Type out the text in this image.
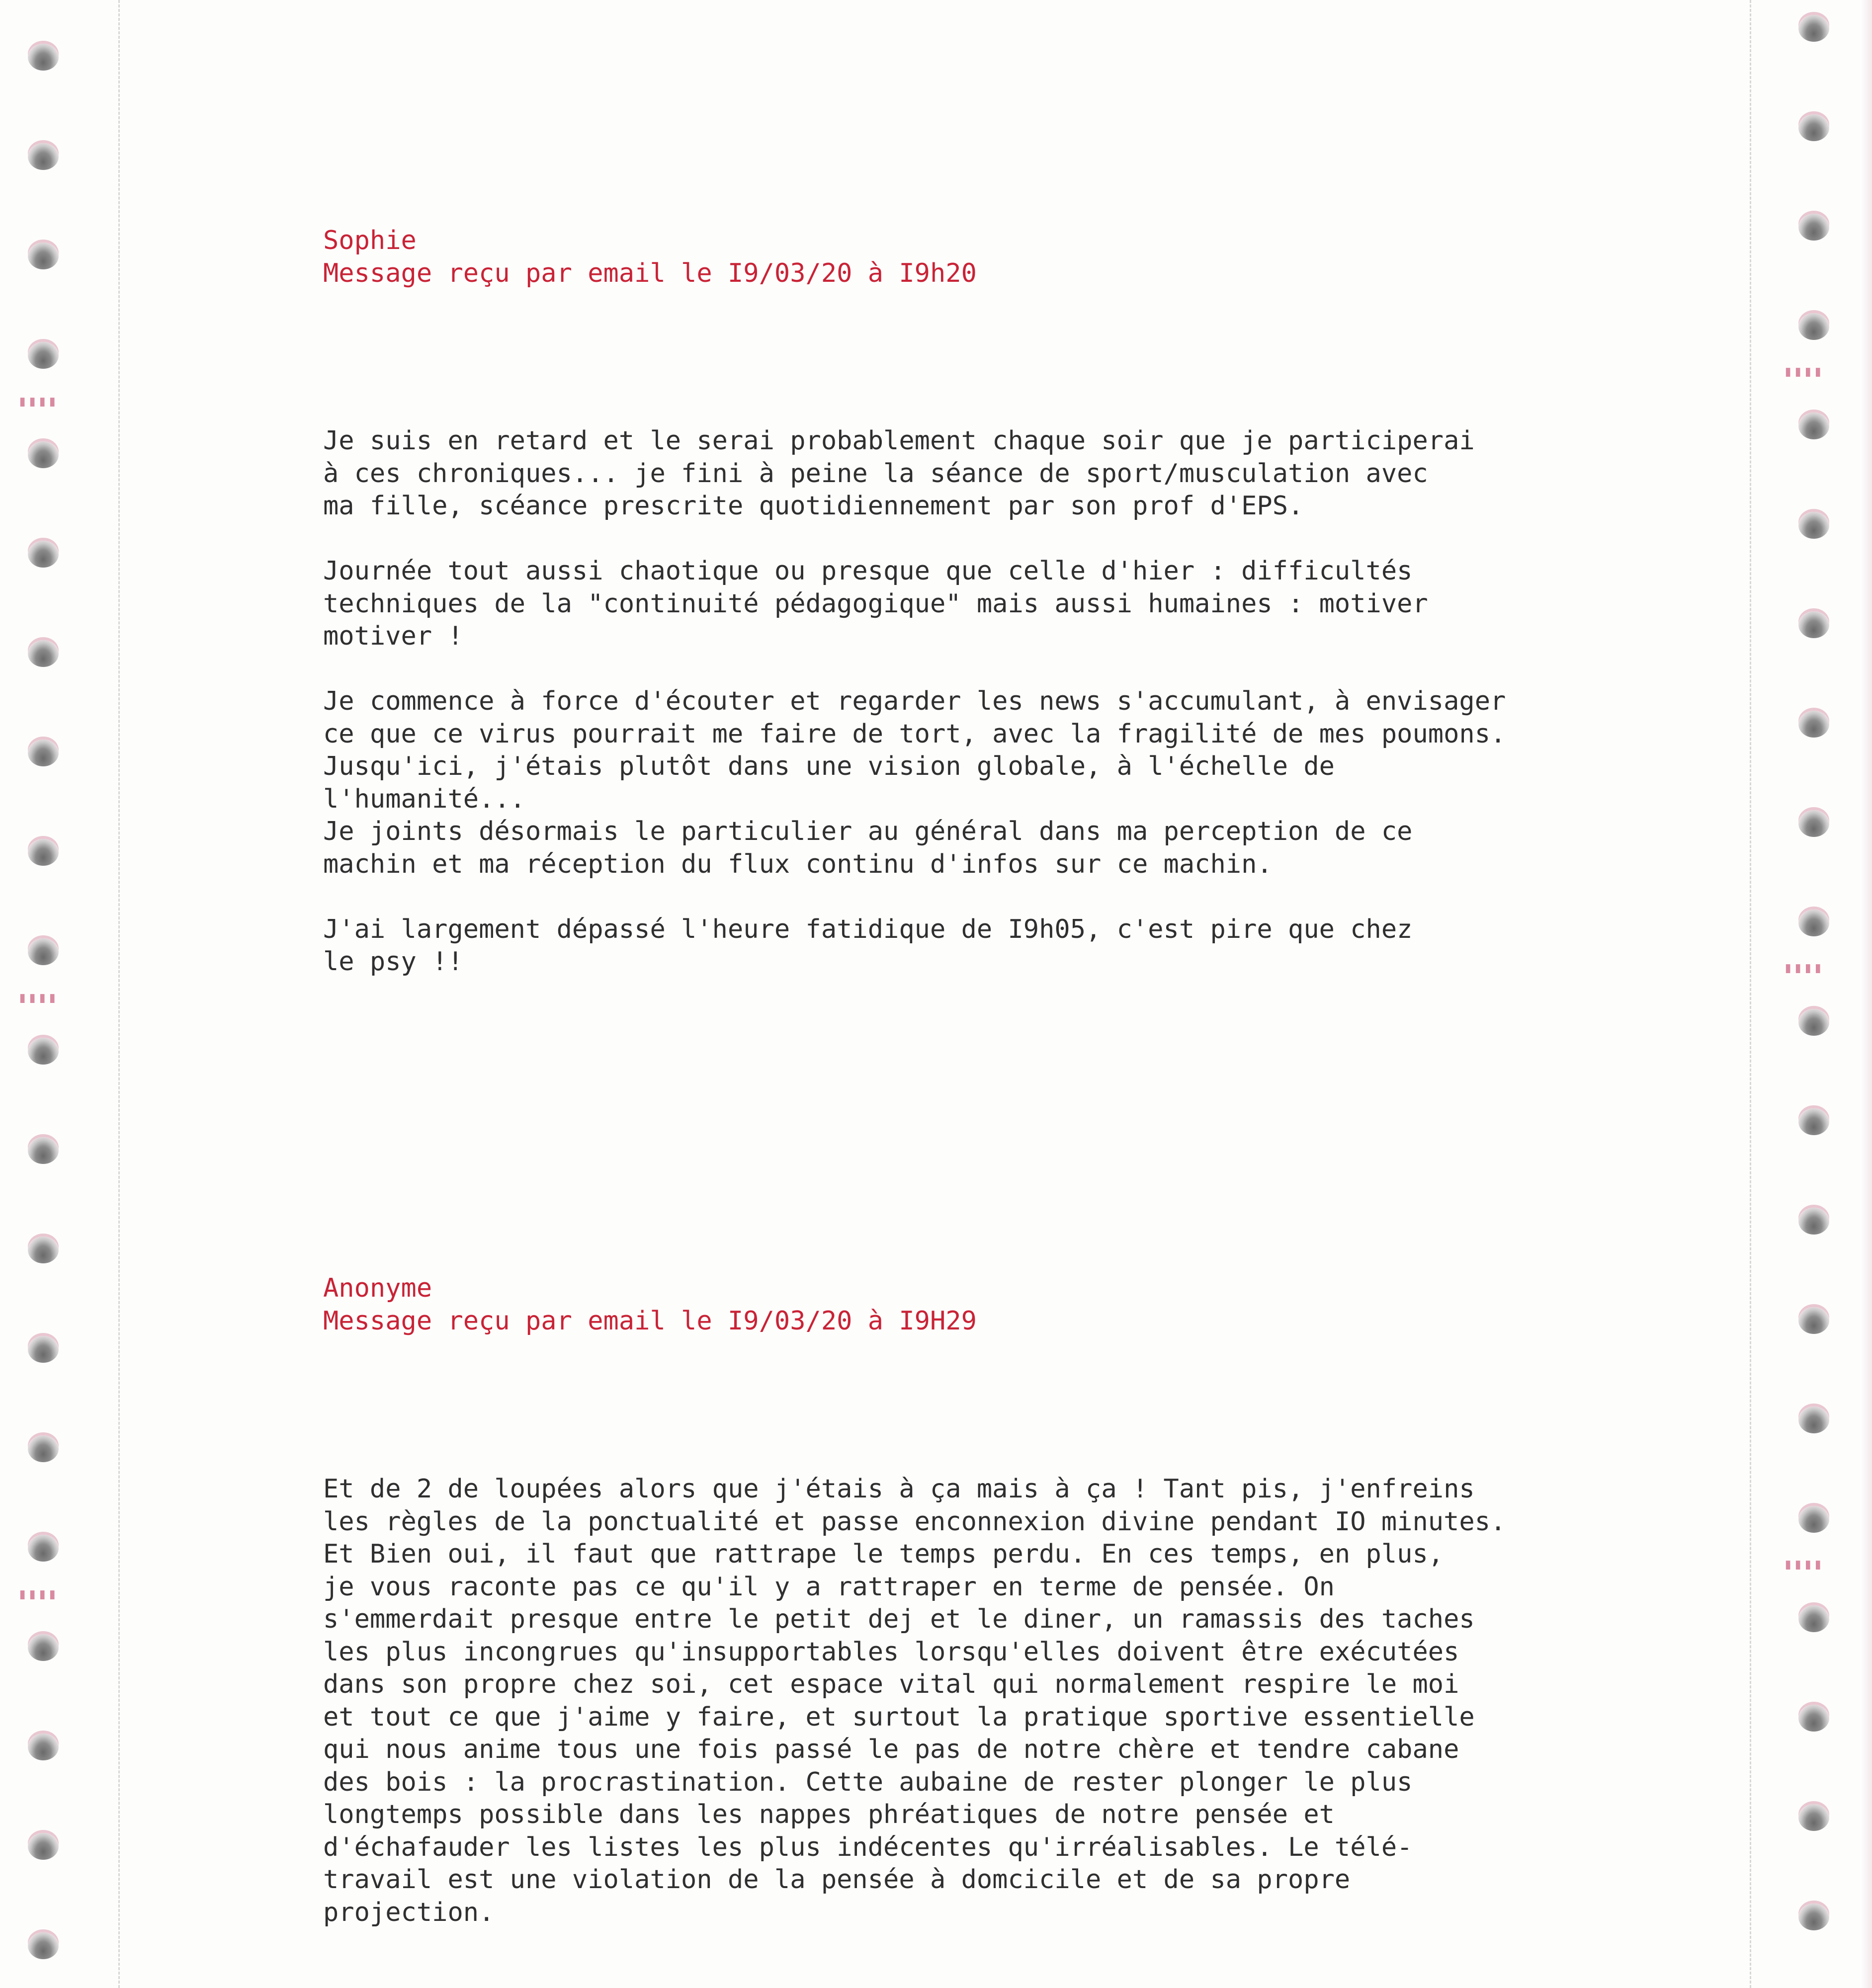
▮▮▮▮
▮▮▮▮
▮▮▮▮
▮▮▮▮
▮▮▮▮
▮▮▮▮
Sophie
Message reçu par email le I9/03/20 à I9h20
Je suis en retard et le serai probablement chaque soir que je participerai
à ces chroniques... je fini à peine la séance de sport/musculation avec
ma fille, scéance prescrite quotidiennement par son prof d'EPS.
Journée tout aussi chaotique ou presque que celle d'hier : difficultés
techniques de la "continuité pédagogique" mais aussi humaines : motiver
motiver !
Je commence à force d'écouter et regarder les news s'accumulant, à envisager
ce que ce virus pourrait me faire de tort, avec la fragilité de mes poumons.
Jusqu'ici, j'étais plutôt dans une vision globale, à l'échelle de
l'humanité...
Je joints désormais le particulier au général dans ma perception de ce
machin et ma réception du flux continu d'infos sur ce machin.
J'ai largement dépassé l'heure fatidique de I9h05, c'est pire que chez
le psy !!
Anonyme
Message reçu par email le I9/03/20 à I9H29
Et de 2 de loupées alors que j'étais à ça mais à ça ! Tant pis, j'enfreins
les règles de la ponctualité et passe enconnexion divine pendant IO minutes.
Et Bien oui, il faut que rattrape le temps perdu. En ces temps, en plus,
je vous raconte pas ce qu'il y a rattraper en terme de pensée. On
s'emmerdait presque entre le petit dej et le diner, un ramassis des taches
les plus incongrues qu'insupportables lorsqu'elles doivent être exécutées
dans son propre chez soi, cet espace vital qui normalement respire le moi
et tout ce que j'aime y faire, et surtout la pratique sportive essentielle
qui nous anime tous une fois passé le pas de notre chère et tendre cabane
des bois : la procrastination. Cette aubaine de rester plonger le plus
longtemps possible dans les nappes phréatiques de notre pensée et
d'échafauder les listes les plus indécentes qu'irréalisables. Le télé-
travail est une violation de la pensée à domcicile et de sa propre
projection.
